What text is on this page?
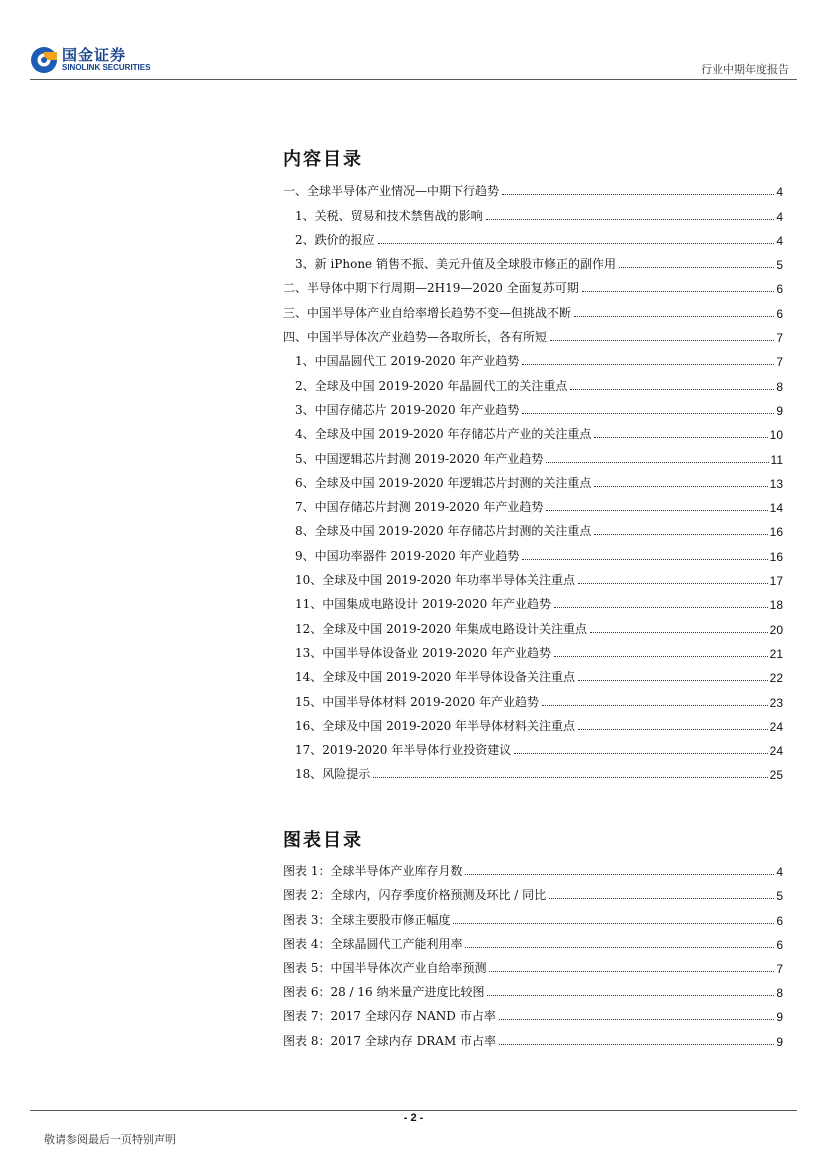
国金证券
SINOLINK SECURITIES	行业中期年度报告
内容目录
一、全球半导体产业情况—中期下行趋势	4
1、关税、贸易和技术禁售战的影响	4
2、跌价的报应	4
3、新 iPhone 销售不振、美元升值及全球股市修正的副作用	5
二、半导体中期下行周期—2H19—2020 全面复苏可期	6
三、中国半导体产业自给率增长趋势不变—但挑战不断	6
四、中国半导体次产业趋势—各取所长，各有所短	7
1、中国晶圆代工 2019-2020 年产业趋势	7
2、全球及中国 2019-2020 年晶圆代工的关注重点	8
3、中国存储芯片 2019-2020 年产业趋势	9
4、全球及中国 2019-2020 年存储芯片产业的关注重点	10
5、中国逻辑芯片封测 2019-2020 年产业趋势	11
6、全球及中国 2019-2020 年逻辑芯片封测的关注重点	13
7、中国存储芯片封测 2019-2020 年产业趋势	14
8、全球及中国 2019-2020 年存储芯片封测的关注重点	16
9、中国功率器件 2019-2020 年产业趋势	16
10、全球及中国 2019-2020 年功率半导体关注重点	17
11、中国集成电路设计 2019-2020 年产业趋势	18
12、全球及中国 2019-2020 年集成电路设计关注重点	20
13、中国半导体设备业 2019-2020 年产业趋势	21
14、全球及中国 2019-2020 年半导体设备关注重点	22
15、中国半导体材料 2019-2020 年产业趋势	23
16、全球及中国 2019-2020 年半导体材料关注重点	24
17、2019-2020 年半导体行业投资建议	24
18、风险提示	25
图表目录
图表 1：全球半导体产业库存月数	4
图表 2：全球内，闪存季度价格预测及环比 / 同比	5
图表 3：全球主要股市修正幅度	6
图表 4：全球晶圆代工产能利用率	6
图表 5：中国半导体次产业自给率预测	7
图表 6：28 / 16 纳米量产进度比较图	8
图表 7：2017 全球闪存 NAND 市占率	9
图表 8：2017 全球内存 DRAM 市占率	9
- 2 -
敬请参阅最后一页特别声明
